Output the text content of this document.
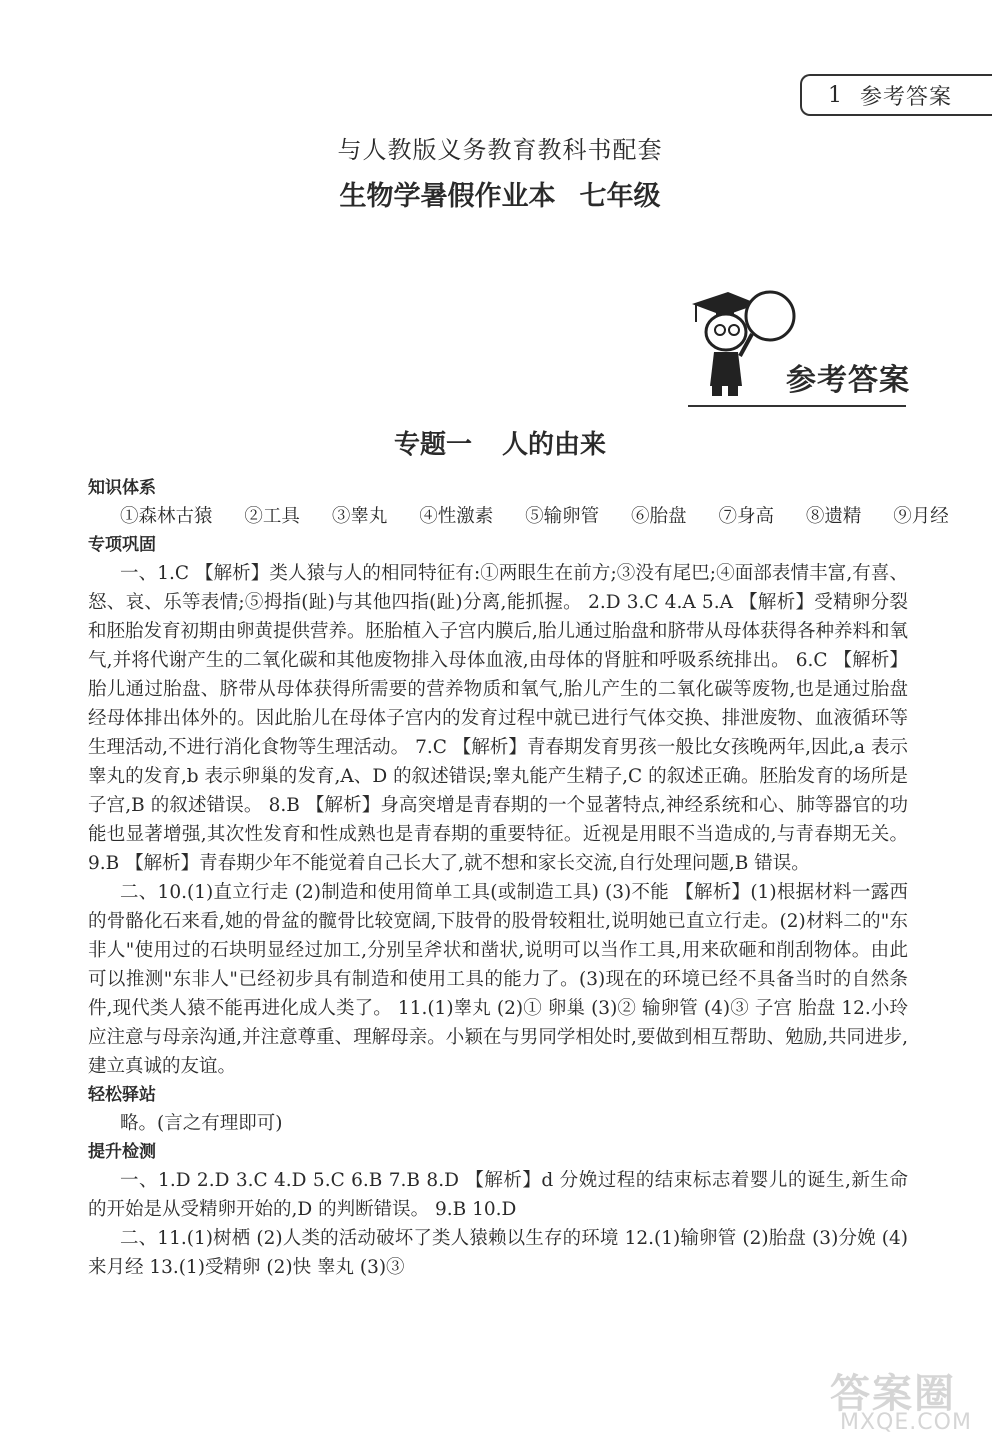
1 参考答案
与人教版义务教育教科书配套
生物学暑假作业本 七年级
参考答案
专题一 人的由来

知识体系

①森林古猿 ②工具 ③睾丸 ④性激素 ⑤输卵管 ⑥胎盘 ⑦身高 ⑧遗精 ⑨月经

专项巩固

一、1.C 【解析】类人猿与人的相同特征有:①两眼生在前方;③没有尾巴;④面部表情丰富,有喜、怒、哀、乐等表情;⑤拇指(趾)与其他四指(趾)分离,能抓握。 2.D 3.C 4.A 5.A 【解析】受精卵分裂和胚胎发育初期由卵黄提供营养。胚胎植入子宫内膜后,胎儿通过胎盘和脐带从母体获得各种养料和氧气,并将代谢产生的二氧化碳和其他废物排入母体血液,由母体的肾脏和呼吸系统排出。 6.C 【解析】胎儿通过胎盘、脐带从母体获得所需要的营养物质和氧气,胎儿产生的二氧化碳等废物,也是通过胎盘经母体排出体外的。因此胎儿在母体子宫内的发育过程中就已进行气体交换、排泄废物、血液循环等生理活动,不进行消化食物等生理活动。 7.C 【解析】青春期发育男孩一般比女孩晚两年,因此,a 表示睾丸的发育,b 表示卵巢的发育,A、D 的叙述错误;睾丸能产生精子,C 的叙述正确。胚胎发育的场所是子宫,B 的叙述错误。 8.B 【解析】身高突增是青春期的一个显著特点,神经系统和心、肺等器官的功能也显著增强,其次性发育和性成熟也是青春期的重要特征。近视是用眼不当造成的,与青春期无关。 9.B 【解析】青春期少年不能觉着自己长大了,就不想和家长交流,自行处理问题,B 错误。

二、10.(1)直立行走 (2)制造和使用简单工具(或制造工具) (3)不能 【解析】(1)根据材料一露西的骨骼化石来看,她的骨盆的髋骨比较宽阔,下肢骨的股骨较粗壮,说明她已直立行走。(2)材料二的"东非人"使用过的石块明显经过加工,分别呈斧状和凿状,说明可以当作工具,用来砍砸和削刮物体。由此可以推测"东非人"已经初步具有制造和使用工具的能力了。(3)现在的环境已经不具备当时的自然条件,现代类人猿不能再进化成人类了。 11.(1)睾丸 (2)① 卵巢 (3)② 输卵管 (4)③ 子宫 胎盘 12.小玲应注意与母亲沟通,并注意尊重、理解母亲。小颖在与男同学相处时,要做到相互帮助、勉励,共同进步,建立真诚的友谊。

轻松驿站

略。(言之有理即可)

提升检测

一、1.D 2.D 3.C 4.D 5.C 6.B 7.B 8.D 【解析】d 分娩过程的结束标志着婴儿的诞生,新生命的开始是从受精卵开始的,D 的判断错误。 9.B 10.D

二、11.(1)树栖 (2)人类的活动破坏了类人猿赖以生存的环境 12.(1)输卵管 (2)胎盘 (3)分娩 (4)来月经 13.(1)受精卵 (2)快 睾丸 (3)③

答案圈
MXQE.COM
